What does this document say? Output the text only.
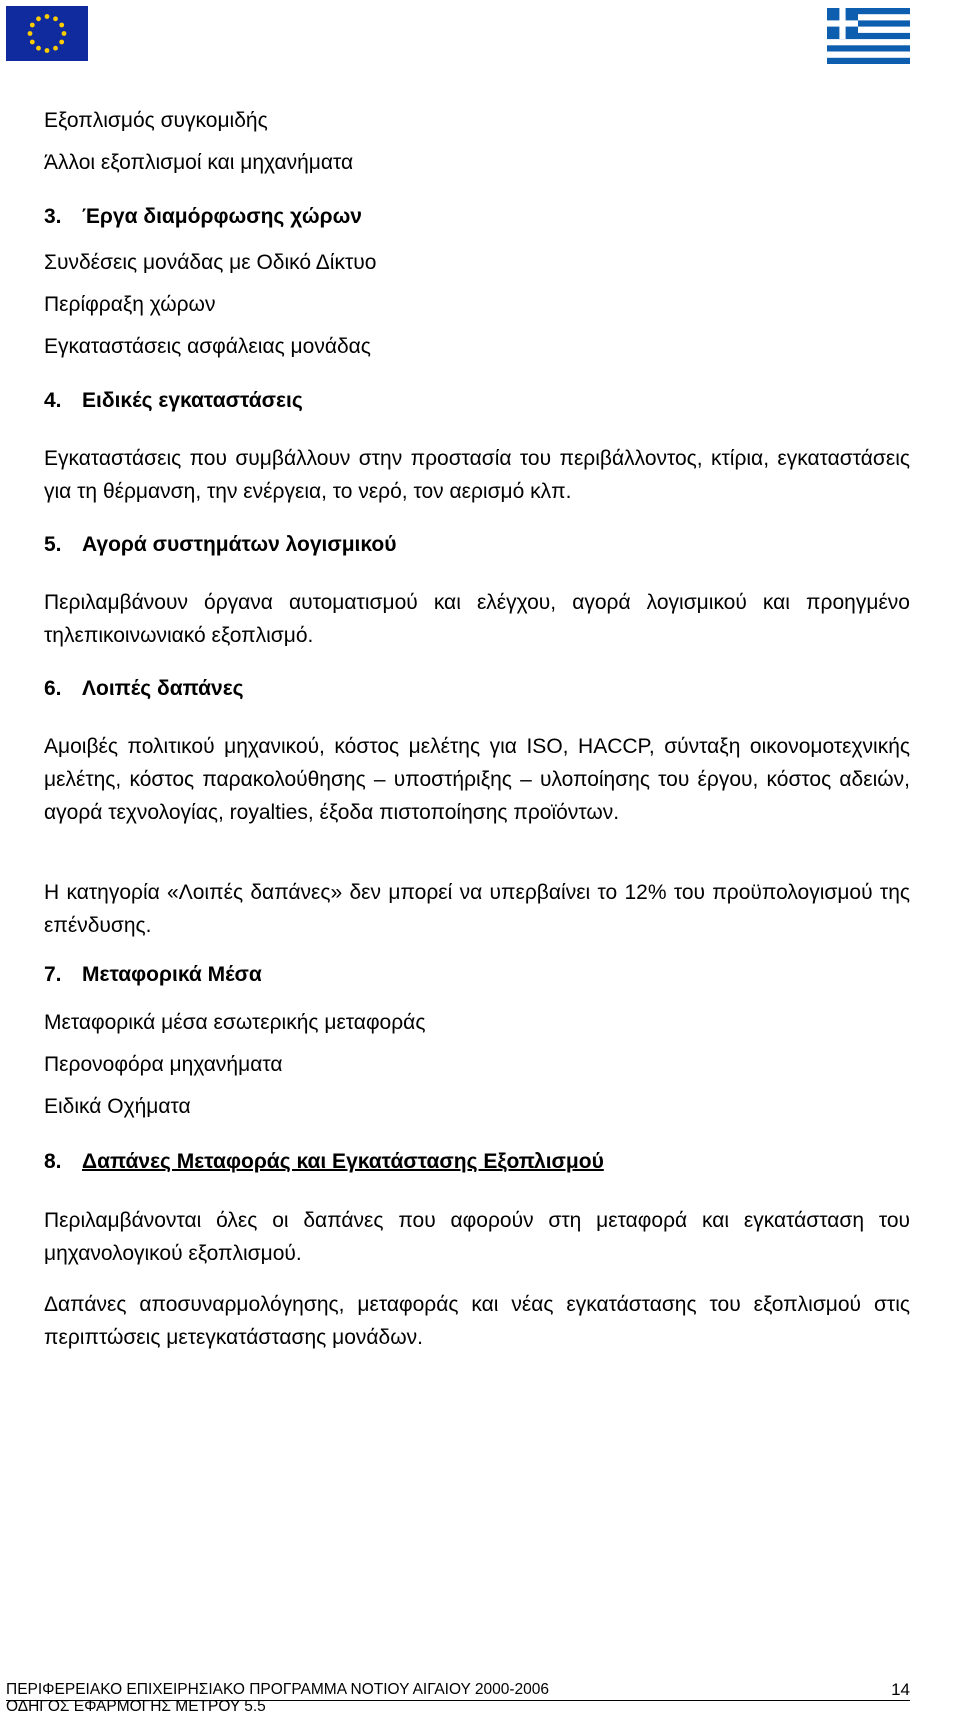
Εξοπλισμός συγκομιδής
Άλλοι εξοπλισμοί και μηχανήματα
3. Έργα διαμόρφωσης χώρων
Συνδέσεις μονάδας με Οδικό Δίκτυο
Περίφραξη χώρων
Εγκαταστάσεις ασφάλειας μονάδας
4. Ειδικές εγκαταστάσεις
Εγκαταστάσεις που συμβάλλουν στην προστασία του περιβάλλοντος, κτίρια, εγκαταστάσεις για τη θέρμανση, την ενέργεια, το νερό, τον αερισμό κλπ.
5. Αγορά συστημάτων λογισμικού
Περιλαμβάνουν όργανα αυτοματισμού και ελέγχου, αγορά λογισμικού και προηγμένο τηλεπικοινωνιακό εξοπλισμό.
6. Λοιπές δαπάνες
Αμοιβές πολιτικού μηχανικού, κόστος μελέτης για ISO, HACCP, σύνταξη οικονομοτεχνικής μελέτης, κόστος παρακολούθησης – υποστήριξης – υλοποίησης του έργου, κόστος αδειών, αγορά τεχνολογίας, royalties, έξοδα πιστοποίησης προϊόντων.
Η κατηγορία «Λοιπές δαπάνες» δεν μπορεί να υπερβαίνει το 12% του προϋπολογισμού της επένδυσης.
7. Μεταφορικά Μέσα
Μεταφορικά μέσα εσωτερικής μεταφοράς
Περονοφόρα μηχανήματα
Ειδικά Οχήματα
8. Δαπάνες Μεταφοράς και Εγκατάστασης Εξοπλισμού
Περιλαμβάνονται όλες οι δαπάνες που αφορούν στη μεταφορά και εγκατάσταση του μηχανολογικού εξοπλισμού.
Δαπάνες αποσυναρμολόγησης, μεταφοράς και νέας εγκατάστασης του εξοπλισμού στις περιπτώσεις μετεγκατάστασης μονάδων.
ΠΕΡΙΦΕΡΕΙΑΚΟ ΕΠΙΧΕΙΡΗΣΙΑΚΟ ΠΡΟΓΡΑΜΜΑ ΝΟΤΙΟΥ ΑΙΓΑΙΟΥ 2000-2006
ΟΔΗΓΟΣ ΕΦΑΡΜΟΓΗΣ ΜΕΤΡΟΥ 5.5
14
